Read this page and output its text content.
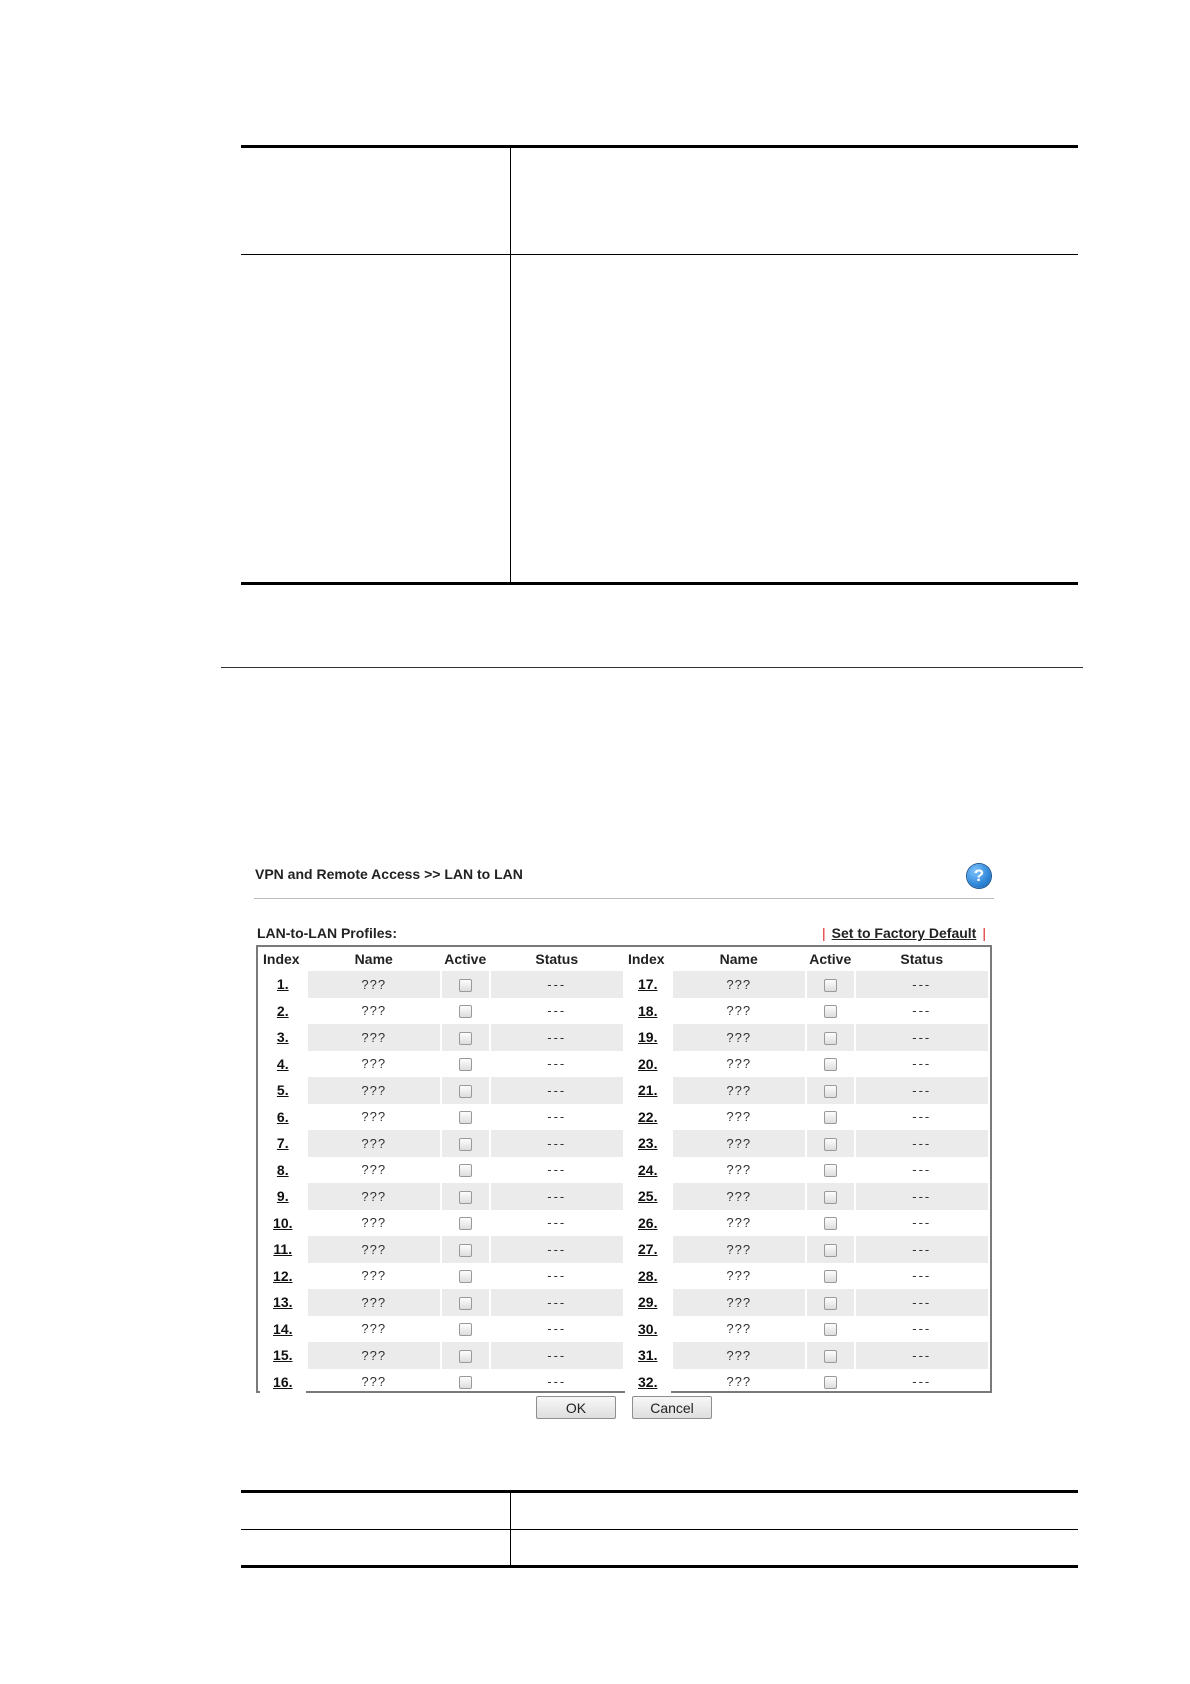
VPN and Remote Access >> LAN to LAN	?
LAN-to-LAN Profiles:	| Set to Factory Default |
Index	Name	Active	Status	Index	Name	Active	Status
1.	???		---	17.	???		---
2.	???		---	18.	???		---
3.	???		---	19.	???		---
4.	???		---	20.	???		---
5.	???		---	21.	???		---
6.	???		---	22.	???		---
7.	???		---	23.	???		---
8.	???		---	24.	???		---
9.	???		---	25.	???		---
10.	???		---	26.	???		---
11.	???		---	27.	???		---
12.	???		---	28.	???		---
13.	???		---	29.	???		---
14.	???		---	30.	???		---
15.	???		---	31.	???		---
16.	???		---	32.	???		---
OK	Cancel
